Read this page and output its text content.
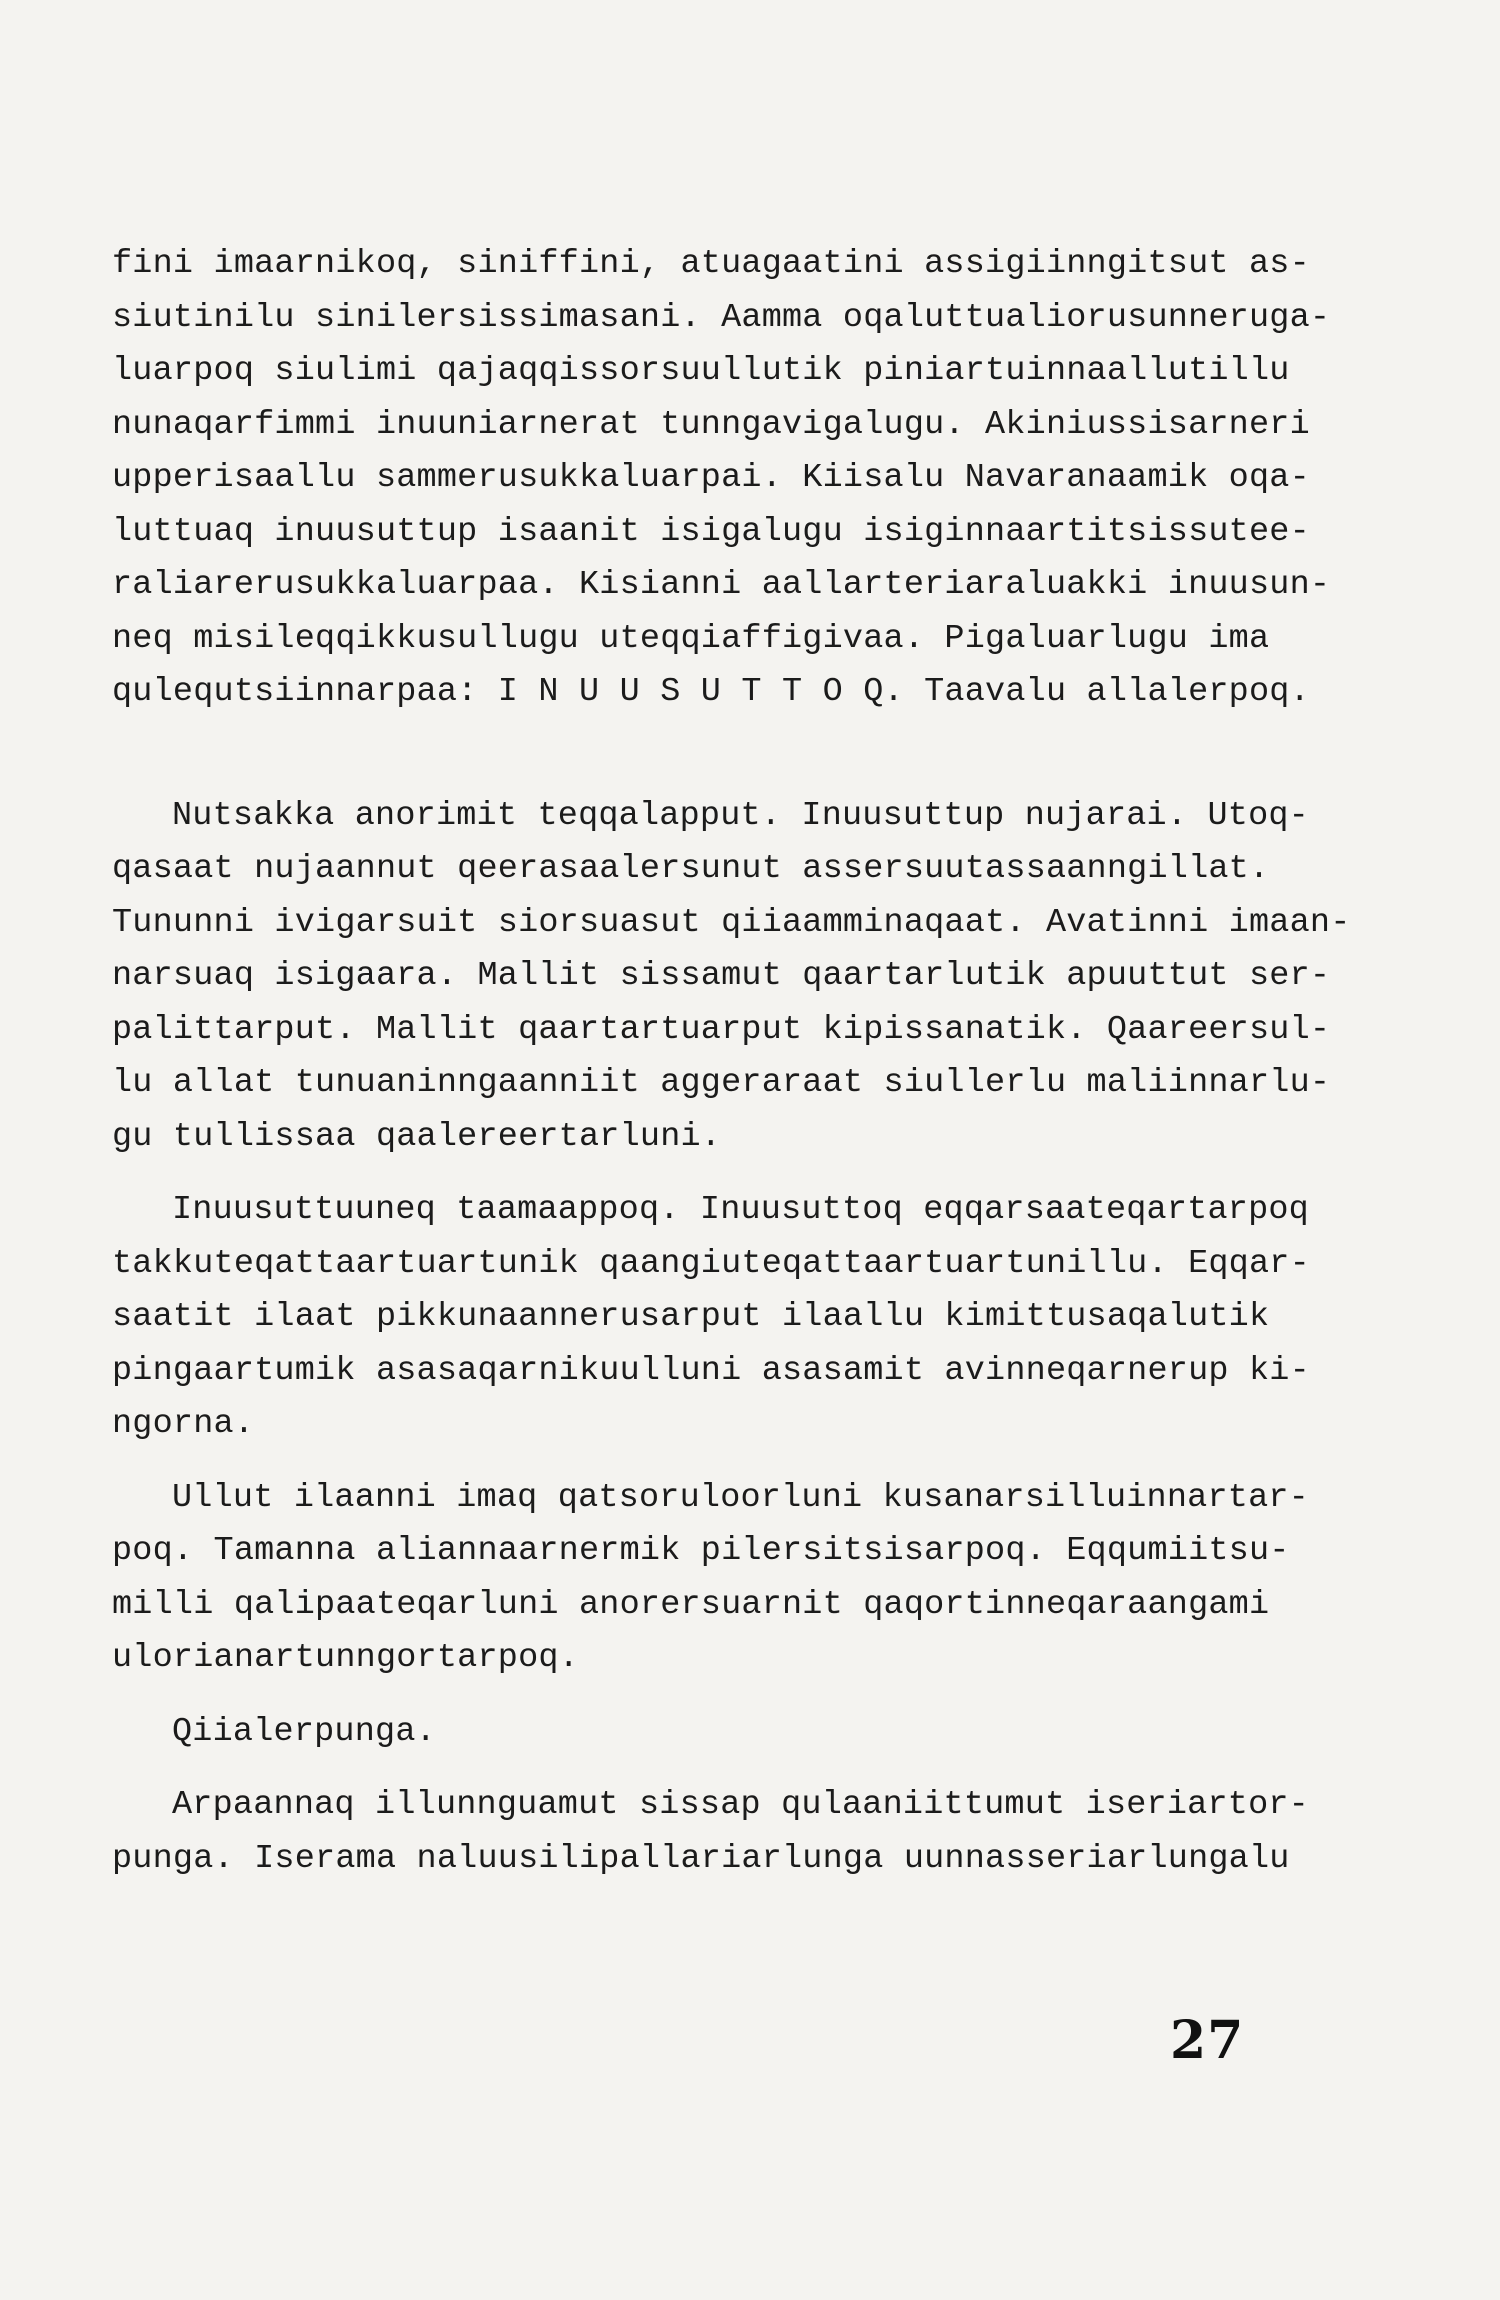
fini imaarnikoq, siniffini, atuagaatini assigiinngitsut as-
siutinilu sinilersissimasani. Aamma oqaluttualiorusunneruga-
luarpoq siulimi qajaqqissorsuullutik piniartuinnaallutillu
nunaqarfimmi inuuniarnerat tunngavigalugu. Akiniussisarneri
upperisaallu sammerusukkaluarpai. Kiisalu Navaranaamik oqa-
luttuaq inuusuttup isaanit isigalugu isiginnaartitsissutee-
raliarerusukkaluarpaa. Kisianni aallarteriaraluakki inuusun-
neq misileqqikkusullugu uteqqiaffigivaa. Pigaluarlugu ima
qulequtsiinnarpaa: I N U U S U T T O Q. Taavalu allalerpoq.
Nutsakka anorimit teqqalapput. Inuusuttup nujarai. Utoq-
qasaat nujaannut qeerasaalersunut assersuutassaanngillat.
Tununni ivigarsuit siorsuasut qiiaamminaqaat. Avatinni imaan-
narsuaq isigaara. Mallit sissamut qaartarlutik apuuttut ser-
palittarput. Mallit qaartartuarput kipissanatik. Qaareersul-
lu allat tunuaninngaanniit aggeraraat siullerlu maliinnarlu-
gu tullissaa qaalereertarluni.
Inuusuttuuneq taamaappoq. Inuusuttoq eqqarsaateqartarpoq
takkuteqattaartuartunik qaangiuteqattaartuartunillu. Eqqar-
saatit ilaat pikkunaannerusarput ilaallu kimittusaqalutik
pingaartumik asasaqarnikuulluni asasamit avinneqarnerup ki-
ngorna.
Ullut ilaanni imaq qatsoruloorluni kusanarsilluinnartar-
poq. Tamanna aliannaarnermik pilersitsisarpoq. Eqqumiitsu-
milli qalipaateqarluni anorersuarnit qaqortinneqaraangami
ulorianartunngortarpoq.
Qiialerpunga.
Arpaannaq illunnguamut sissap qulaaniittumut iseriartor-
punga. Iserama naluusilipallariarlunga uunnasseriarlungalu
27
